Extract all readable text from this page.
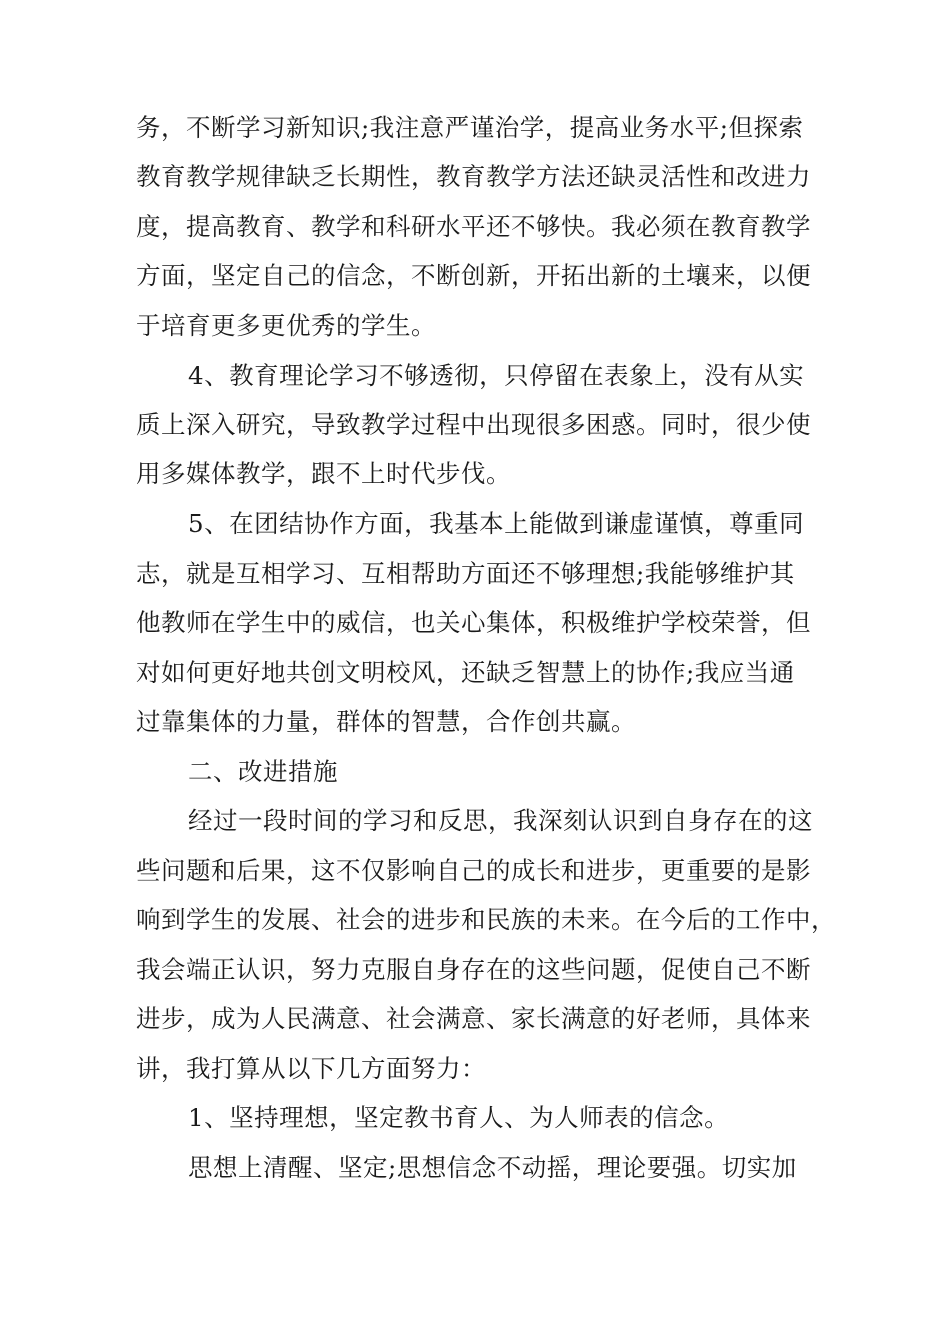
务，不断学习新知识;我注意严谨治学，提高业务水平;但探索
教育教学规律缺乏长期性，教育教学方法还缺灵活性和改进力
度，提高教育、教学和科研水平还不够快。我必须在教育教学
方面，坚定自己的信念，不断创新，开拓出新的土壤来，以便
于培育更多更优秀的学生。
4、教育理论学习不够透彻，只停留在表象上，没有从实
质上深入研究，导致教学过程中出现很多困惑。同时，很少使
用多媒体教学，跟不上时代步伐。
5、在团结协作方面，我基本上能做到谦虚谨慎，尊重同
志，就是互相学习、互相帮助方面还不够理想;我能够维护其
他教师在学生中的威信，也关心集体，积极维护学校荣誉，但
对如何更好地共创文明校风，还缺乏智慧上的协作;我应当通
过靠集体的力量，群体的智慧，合作创共赢。
二、改进措施
经过一段时间的学习和反思，我深刻认识到自身存在的这
些问题和后果，这不仅影响自己的成长和进步，更重要的是影
响到学生的发展、社会的进步和民族的未来。在今后的工作中，
我会端正认识，努力克服自身存在的这些问题，促使自己不断
进步，成为人民满意、社会满意、家长满意的好老师，具体来
讲，我打算从以下几方面努力：
1、坚持理想，坚定教书育人、为人师表的信念。
思想上清醒、坚定;思想信念不动摇，理论要强。切实加
